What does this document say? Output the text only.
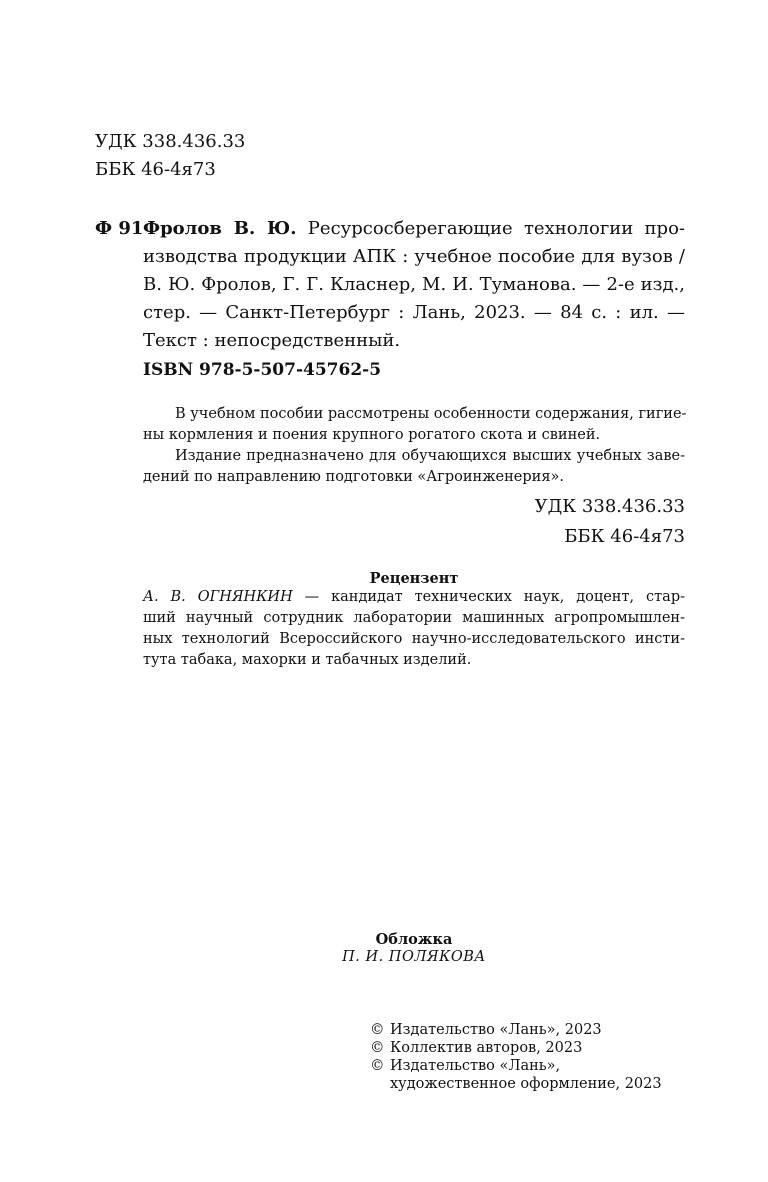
УДК 338.436.33
ББК 46-4я73
Ф 91 Фролов В. Ю. Ресурсосберегающие технологии про-
изводства продукции АПК : учебное пособие для вузов /
В. Ю. Фролов, Г. Г. Класнер, М. И. Туманова. — 2-е изд.,
стер. — Санкт-Петербург : Лань, 2023. — 84 с. : ил. —
Текст : непосредственный.
ISBN 978-5-507-45762-5
В учебном пособии рассмотрены особенности содержания, гигие-
ны кормления и поения крупного рогатого скота и свиней.
Издание предназначено для обучающихся высших учебных заве-
дений по направлению подготовки «Агроинженерия».
УДК 338.436.33
ББК 46-4я73
Рецензент
А. В. ОГНЯНКИН — кандидат технических наук, доцент, стар-
ший научный сотрудник лаборатории машинных агропромышлен-
ных технологий Всероссийского научно-исследовательского инсти-
тута табака, махорки и табачных изделий.
Обложка
П. И. ПОЛЯКОВА
© Издательство «Лань», 2023
© Коллектив авторов, 2023
© Издательство «Лань»,
художественное оформление, 2023
